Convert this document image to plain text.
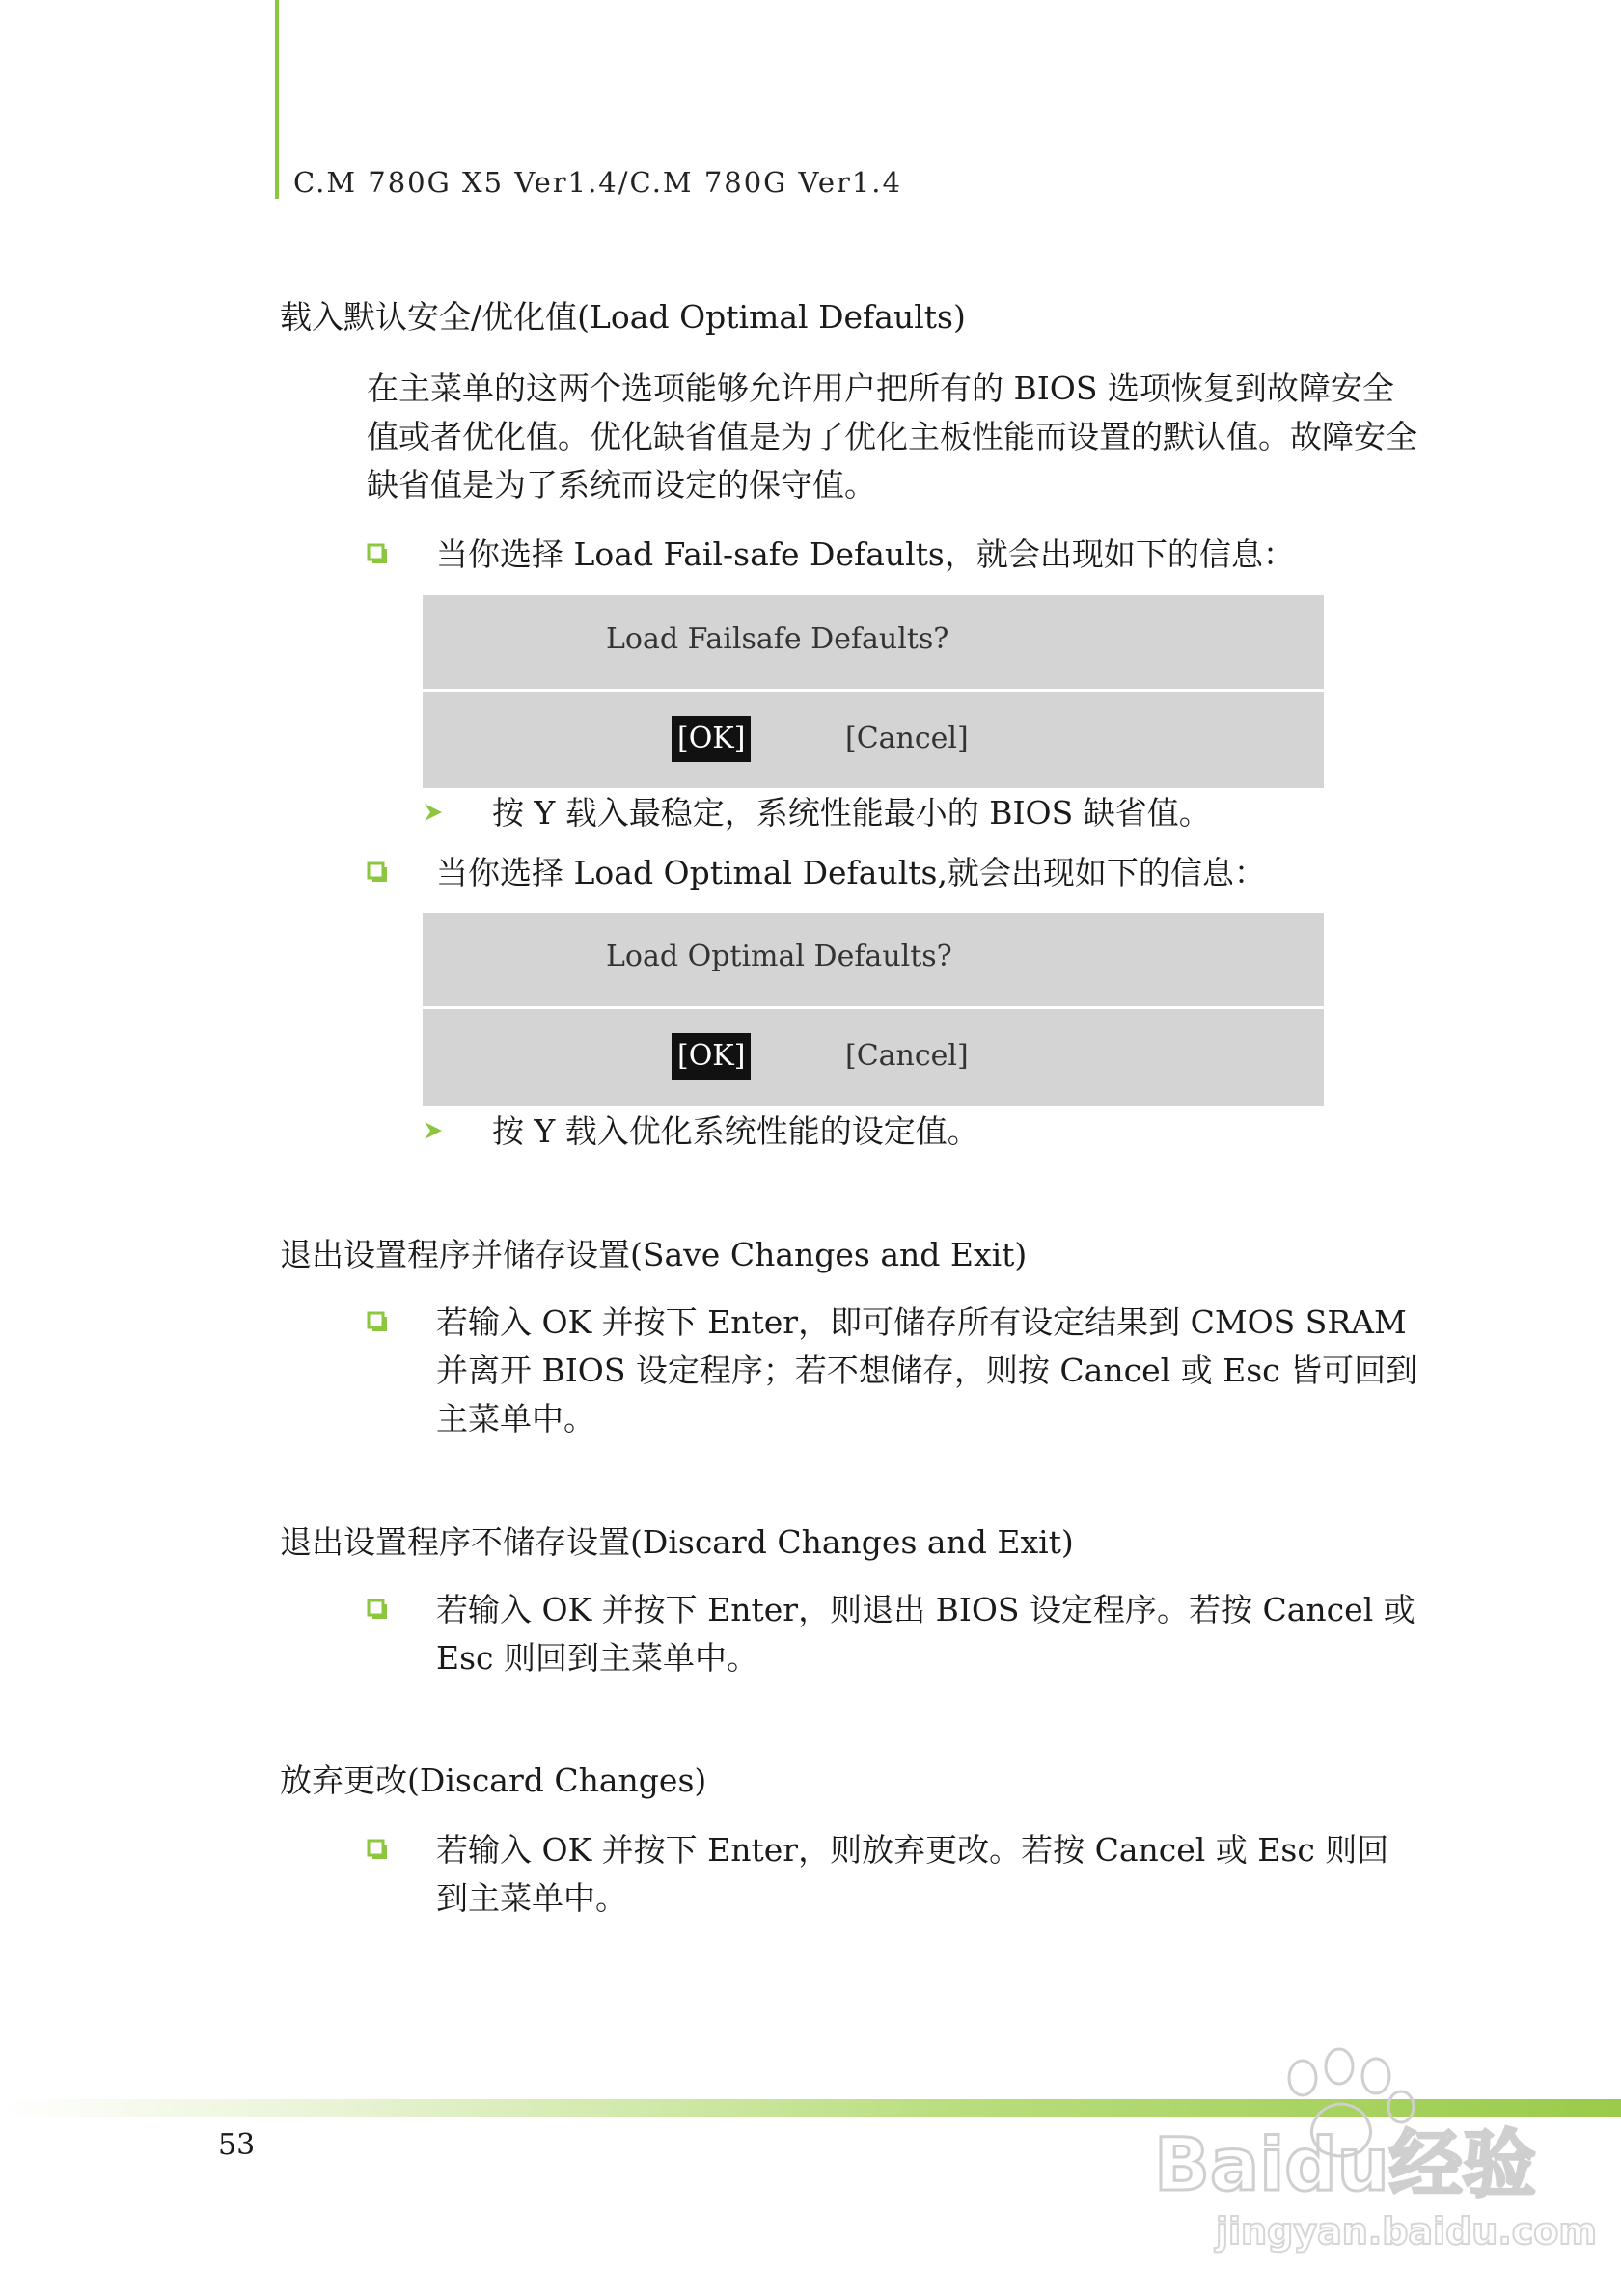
C.M 780G X5 Ver1.4/C.M 780G Ver1.4
载入默认安全/优化值(Load Optimal Defaults)
在主菜单的这两个选项能够允许用户把所有的 BIOS 选项恢复到故障安全值或者优化值。优化缺省值是为了优化主板性能而设置的默认值。故障安全缺省值是为了系统而设定的保守值。
当你选择 Load Fail-safe Defaults，就会出现如下的信息：
Load Failsafe Defaults?
[OK]	[Cancel]
按 Y 载入最稳定，系统性能最小的 BIOS 缺省值。
当你选择 Load Optimal Defaults,就会出现如下的信息：
Load Optimal Defaults?
[OK]	[Cancel]
按 Y 载入优化系统性能的设定值。
退出设置程序并储存设置(Save Changes and Exit)
若输入 OK 并按下 Enter，即可储存所有设定结果到 CMOS SRAM 并离开 BIOS 设定程序；若不想储存，则按 Cancel 或 Esc 皆可回到主菜单中。
退出设置程序不储存设置(Discard Changes and Exit)
若输入 OK 并按下 Enter，则退出 BIOS 设定程序。若按 Cancel 或 Esc 则回到主菜单中。
放弃更改(Discard Changes)
若输入 OK 并按下 Enter，则放弃更改。若按 Cancel 或 Esc 则回到主菜单中。
53	Baidu经验
jingyan.baidu.com
